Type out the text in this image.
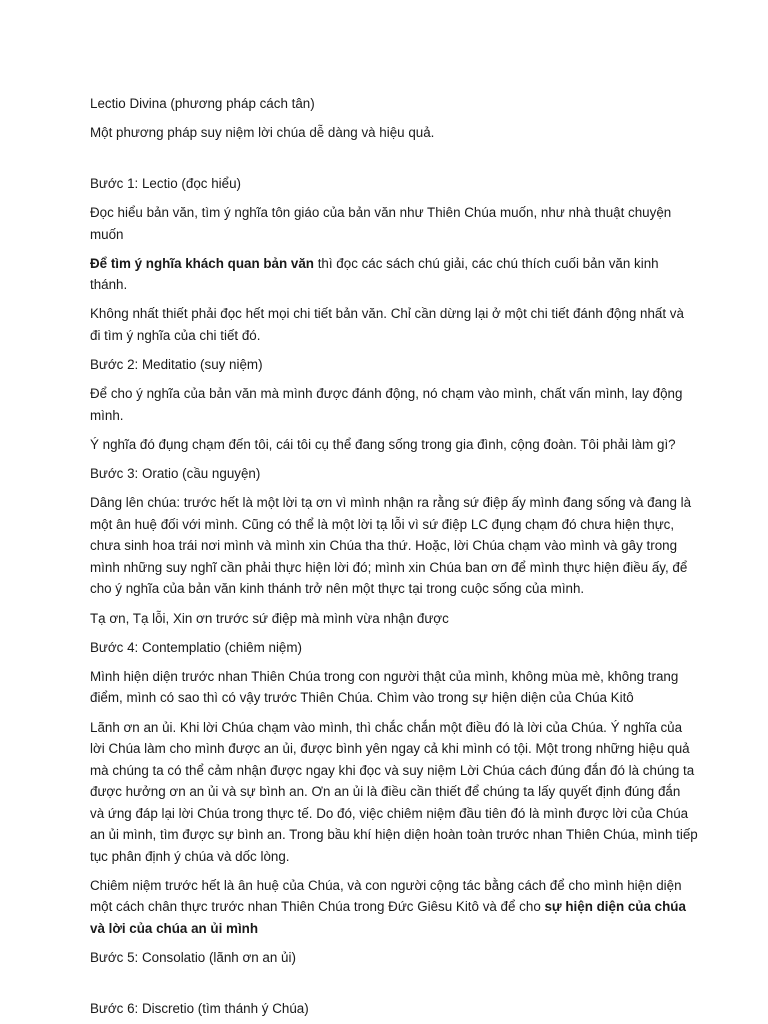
Lectio Divina (phương pháp cách tân)

Một phương pháp suy niệm lời chúa dễ dàng và hiệu quả.

Bước 1: Lectio (đọc hiểu)

Đọc hiểu bản văn, tìm ý nghĩa tôn giáo của bản văn như Thiên Chúa muốn, như nhà thuật chuyện muốn

Để tìm ý nghĩa khách quan bản văn thì đọc các sách chú giải, các chú thích cuối bản văn kinh thánh.

Không nhất thiết phải đọc hết mọi chi tiết bản văn. Chỉ cần dừng lại ở một chi tiết đánh động nhất và đi tìm ý nghĩa của chi tiết đó.

Bước 2: Meditatio (suy niệm)

Để cho ý nghĩa của bản văn mà mình được đánh động, nó chạm vào mình, chất vấn mình, lay động mình.

Ý nghĩa đó đụng chạm đến tôi, cái tôi cụ thể đang sống trong gia đình, cộng đoàn. Tôi phải làm gì?

Bước 3: Oratio (cầu nguyện)

Dâng lên chúa: trước hết là một lời tạ ơn vì mình nhận ra rằng sứ điệp ấy mình đang sống và đang là một ân huệ đối với mình. Cũng có thể là một lời tạ lỗi vì sứ điệp LC đụng chạm đó chưa hiện thực, chưa sinh hoa trái nơi mình và mình xin Chúa tha thứ. Hoặc, lời Chúa chạm vào mình và gây trong mình những suy nghĩ cần phải thực hiện lời đó; mình xin Chúa ban ơn để mình thực hiện điều ấy, để cho ý nghĩa của bản văn kinh thánh trở nên một thực tại trong cuộc sống của mình.

Tạ ơn, Tạ lỗi, Xin ơn trước sứ điệp mà mình vừa nhận được

Bước 4: Contemplatio (chiêm niệm)

Mình hiện diện trước nhan Thiên Chúa trong con người thật của mình, không mùa mè, không trang điểm, mình có sao thì có vậy trước Thiên Chúa. Chìm vào trong sự hiện diện của Chúa Kitô

Lãnh ơn an ủi. Khi lời Chúa chạm vào mình, thì chắc chắn một điều đó là lời của Chúa. Ý nghĩa của lời Chúa làm cho mình được an ủi, được bình yên ngay cả khi mình có tội. Một trong những hiệu quả mà chúng ta có thể cảm nhận được ngay khi đọc và suy niệm Lời Chúa cách đúng đắn đó là chúng ta được hưởng ơn an ủi và sự bình an. Ơn an ủi là điều cần thiết để chúng ta lấy quyết định đúng đắn và ứng đáp lại lời Chúa trong thực tế. Do đó, việc chiêm niệm đầu tiên đó là mình được lời của Chúa an ủi mình, tìm được sự bình an. Trong bầu khí hiện diện hoàn toàn trước nhan Thiên Chúa, mình tiếp tục phân định ý chúa và dốc lòng.

Chiêm niệm trước hết là ân huệ của Chúa, và con người cộng tác bằng cách để cho mình hiện diện một cách chân thực trước nhan Thiên Chúa trong Đức Giêsu Kitô và để cho sự hiện diện của chúa và lời của chúa an ủi mình

Bước 5: Consolatio (lãnh ơn an ủi)

Bước 6: Discretio (tìm thánh ý Chúa)
